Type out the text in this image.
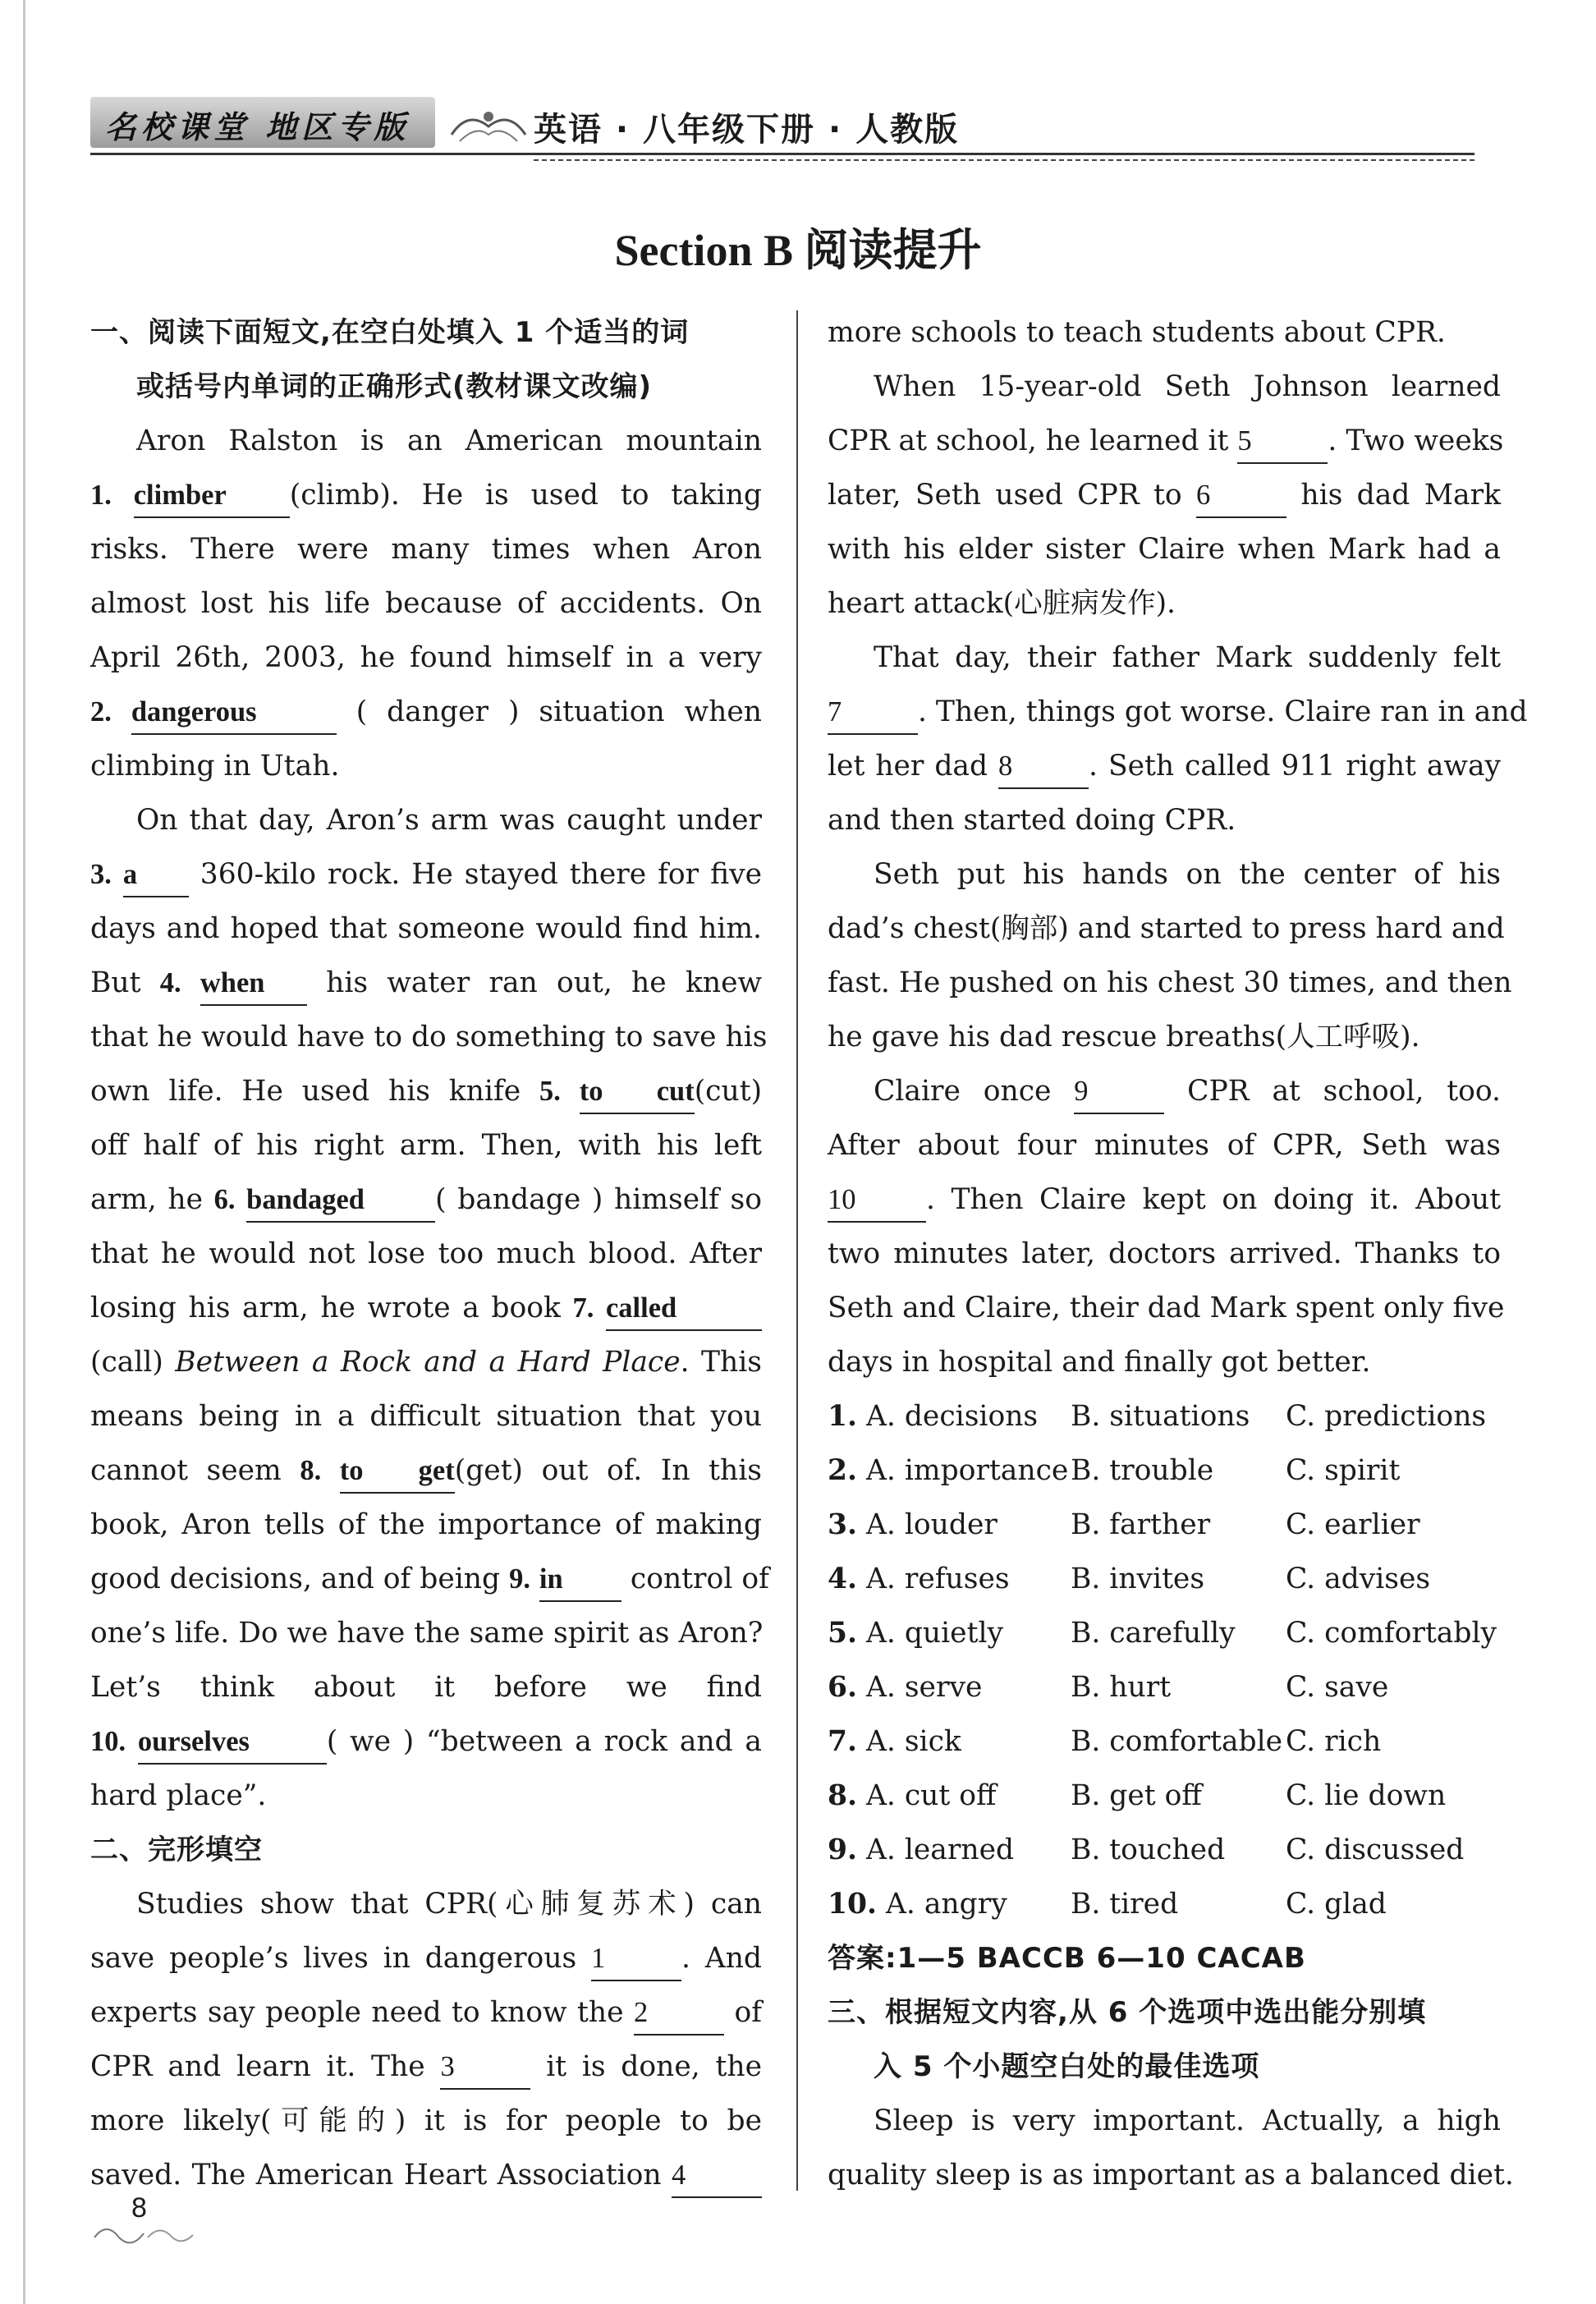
名校课堂 地区专版	英语 · 八年级下册 · 人教版
Section B 阅读提升
一、阅读下面短文,在空白处填入 1 个适当的词
或括号内单词的正确形式(教材课文改编)
Aron Ralston is an American mountain
1. climber (climb). He is used to taking
risks. There were many times when Aron
almost lost his life because of accidents. On
April 26th, 2003, he found himself in a very
2. dangerous	( danger ) situation when
climbing in Utah.
On that day, Aron’s arm was caught under
3. a 360-kilo rock. He stayed there for five
days and hoped that someone would find him.
But 4. when his water ran out, he knew
that he would have to do something to save his
own life. He used his knife 5. to cut(cut)
off half of his right arm. Then, with his left
arm, he 6. bandaged ( bandage ) himself so
that he would not lose too much blood. After
losing his arm, he wrote a book 7. called
(call) Between a Rock and a Hard Place. This
means being in a difficult situation that you
cannot seem 8. to get(get) out of. In this
book, Aron tells of the importance of making
good decisions, and of being 9. in control of
one’s life. Do we have the same spirit as Aron?
Let’s think about it before we find
10. ourselves	( we ) “between a rock and a
hard place”.
二、完形填空
Studies show that CPR(心肺复苏术) can
save people’s lives in dangerous 1	. And
experts say people need to know the 2	of
CPR and learn it. The 3	it is done, the
more likely(可能的) it is for people to be
saved. The American Heart Association 4
more schools to teach students about CPR.
When 15-year-old Seth Johnson learned
CPR at school, he learned it 5	. Two weeks
later, Seth used CPR to 6	his dad Mark
with his elder sister Claire when Mark had a
heart attack(心脏病发作).
That day, their father Mark suddenly felt
7	. Then, things got worse. Claire ran in and
let her dad 8	. Seth called 911 right away
and then started doing CPR.
Seth put his hands on the center of his
dad’s chest(胸部) and started to press hard and
fast. He pushed on his chest 30 times, and then
he gave his dad rescue breaths(人工呼吸).
Claire once 9	CPR at school, too.
After about four minutes of CPR, Seth was
10 . Then Claire kept on doing it. About
two minutes later, doctors arrived. Thanks to
Seth and Claire, their dad Mark spent only five
days in hospital and finally got better.
1. A. decisions B. situations C. predictions
2. A. importance B. trouble	C. spirit
3. A. louder	B. farther	C. earlier
4. A. refuses B. invites	C. advises
5. A. quietly B. carefully C. comfortably
6. A. serve	B. hurt	C. save
7. A. sick	B. comfortable C. rich
8. A. cut off	B. get off	C. lie down
9. A. learned B. touched C. discussed
10. A. angry B. tired	C. glad
答案:1—5 BACCB 6—10 CACAB
三、根据短文内容,从 6 个选项中选出能分别填
入 5 个小题空白处的最佳选项
Sleep is very important. Actually, a high
quality sleep is as important as a balanced diet.
8
